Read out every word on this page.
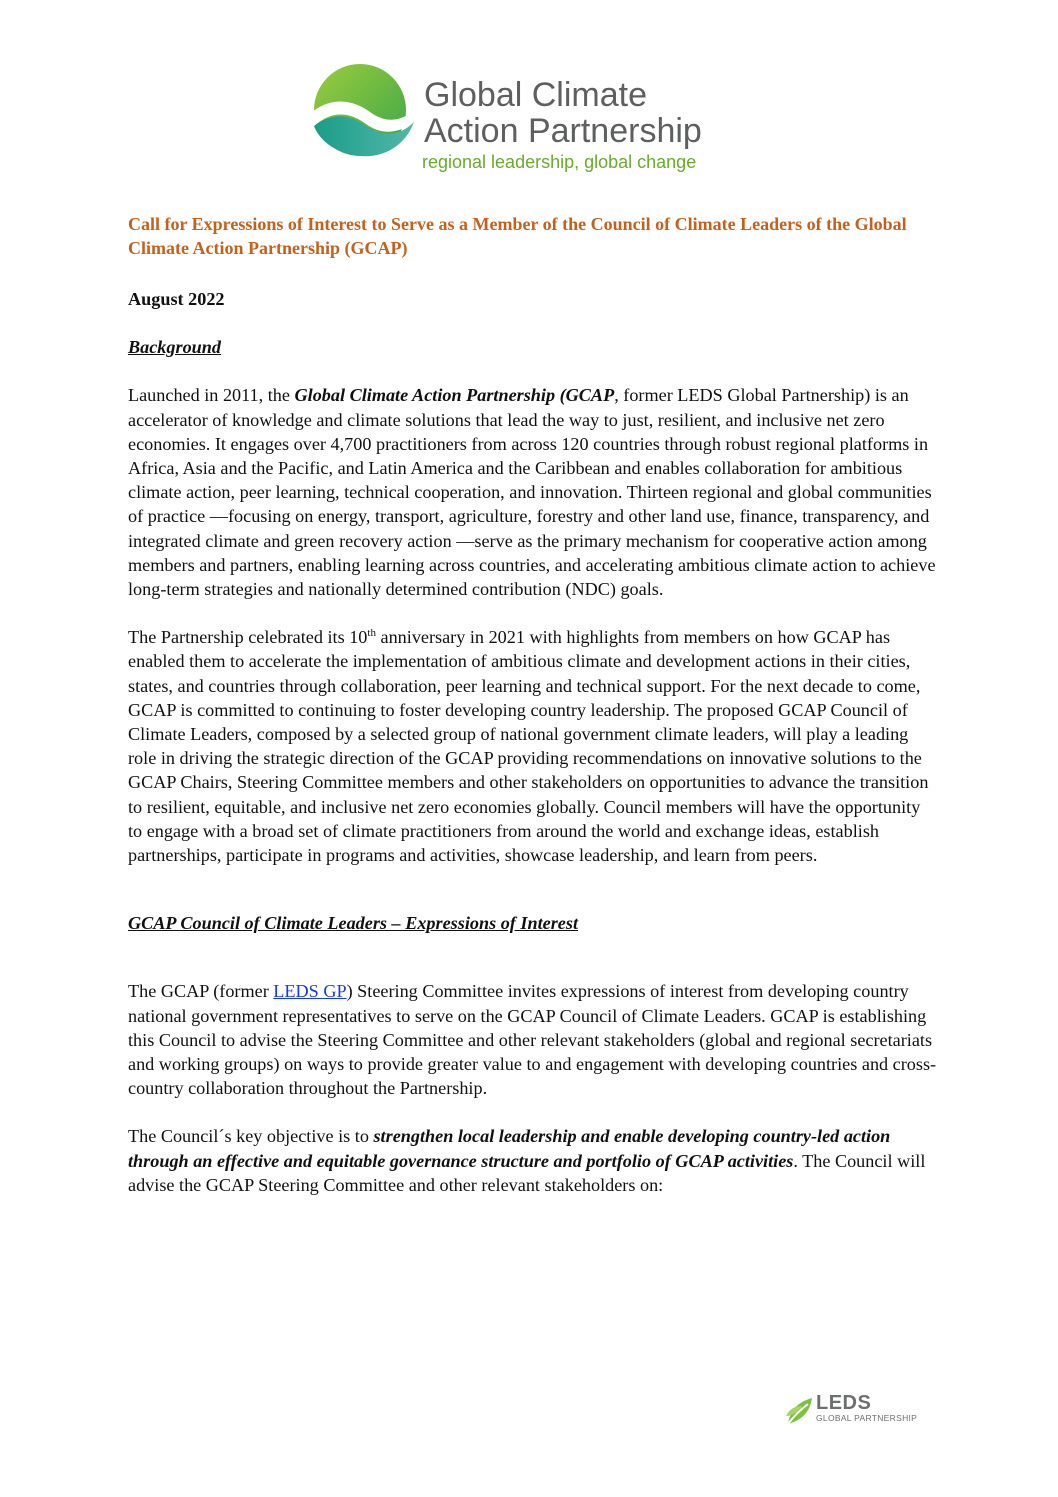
Global Climate
Action Partnership
regional leadership, global change
Call for Expressions of Interest to Serve as a Member of the Council of Climate Leaders of the Global Climate Action Partnership (GCAP)
August 2022
Background

Launched in 2011, the Global Climate Action Partnership (GCAP, former LEDS Global Partnership) is an accelerator of knowledge and climate solutions that lead the way to just, resilient, and inclusive net zero economies. It engages over 4,700 practitioners from across 120 countries through robust regional platforms in Africa, Asia and the Pacific, and Latin America and the Caribbean and enables collaboration for ambitious climate action, peer learning, technical cooperation, and innovation. Thirteen regional and global communities of practice —focusing on energy, transport, agriculture, forestry and other land use, finance, transparency, and integrated climate and green recovery action —serve as the primary mechanism for cooperative action among members and partners, enabling learning across countries, and accelerating ambitious climate action to achieve long-term strategies and nationally determined contribution (NDC) goals.

The Partnership celebrated its 10th anniversary in 2021 with highlights from members on how GCAP has enabled them to accelerate the implementation of ambitious climate and development actions in their cities, states, and countries through collaboration, peer learning and technical support. For the next decade to come, GCAP is committed to continuing to foster developing country leadership. The proposed GCAP Council of Climate Leaders, composed by a selected group of national government climate leaders, will play a leading role in driving the strategic direction of the GCAP providing recommendations on innovative solutions to the GCAP Chairs, Steering Committee members and other stakeholders on opportunities to advance the transition to resilient, equitable, and inclusive net zero economies globally. Council members will have the opportunity to engage with a broad set of climate practitioners from around the world and exchange ideas, establish partnerships, participate in programs and activities, showcase leadership, and learn from peers.

GCAP Council of Climate Leaders – Expressions of Interest

The GCAP (former LEDS GP) Steering Committee invites expressions of interest from developing country national government representatives to serve on the GCAP Council of Climate Leaders. GCAP is establishing this Council to advise the Steering Committee and other relevant stakeholders (global and regional secretariats and working groups) on ways to provide greater value to and engagement with developing countries and cross-country collaboration throughout the Partnership.

The Council´s key objective is to strengthen local leadership and enable developing country-led action through an effective and equitable governance structure and portfolio of GCAP activities. The Council will advise the GCAP Steering Committee and other relevant stakeholders on:

LEDS
GLOBAL PARTNERSHIP
